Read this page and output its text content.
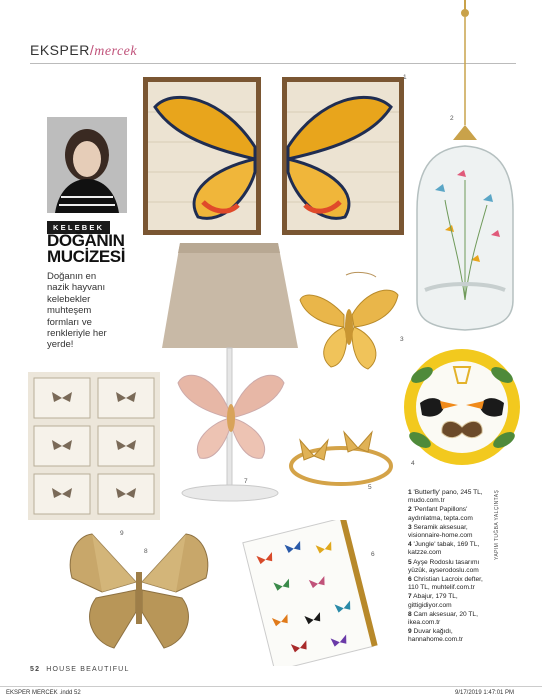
EKSPER/mercek
1
2
KELEBEK
DOĞANIN
MUCİZESİ
Doğanın en
nazik hayvanı
kelebekler
muhteşem
formları ve
renkleriyle her
yerde!
7
3
4
9
5
8	6
1 'Butterfly' pano, 245 TL,
mudo.com.tr
2 'Penfant Papillons'
aydınlatma, tepta.com
3 Seramik aksesuar,
visionnaire-home.com
4 'Jungle' tabak, 169 TL,
katzze.com
5 Ayşe Rodoslu tasarımı
yüzük, ayserodoslu.com
6 Christian Lacroix defter,
110 TL, muhtelif.com.tr
7 Abajur, 179 TL,
gittigidiyor.com
8 Cam aksesuar, 20 TL,
ikea.com.tr
9 Duvar kağıdı,
hannahome.com.tr
YAPIM TUĞBA YALÇINTAŞ
52 HOUSE BEAUTIFUL
EKSPER MERCEK .indd 52	9/17/2019 1:47:01 PM
